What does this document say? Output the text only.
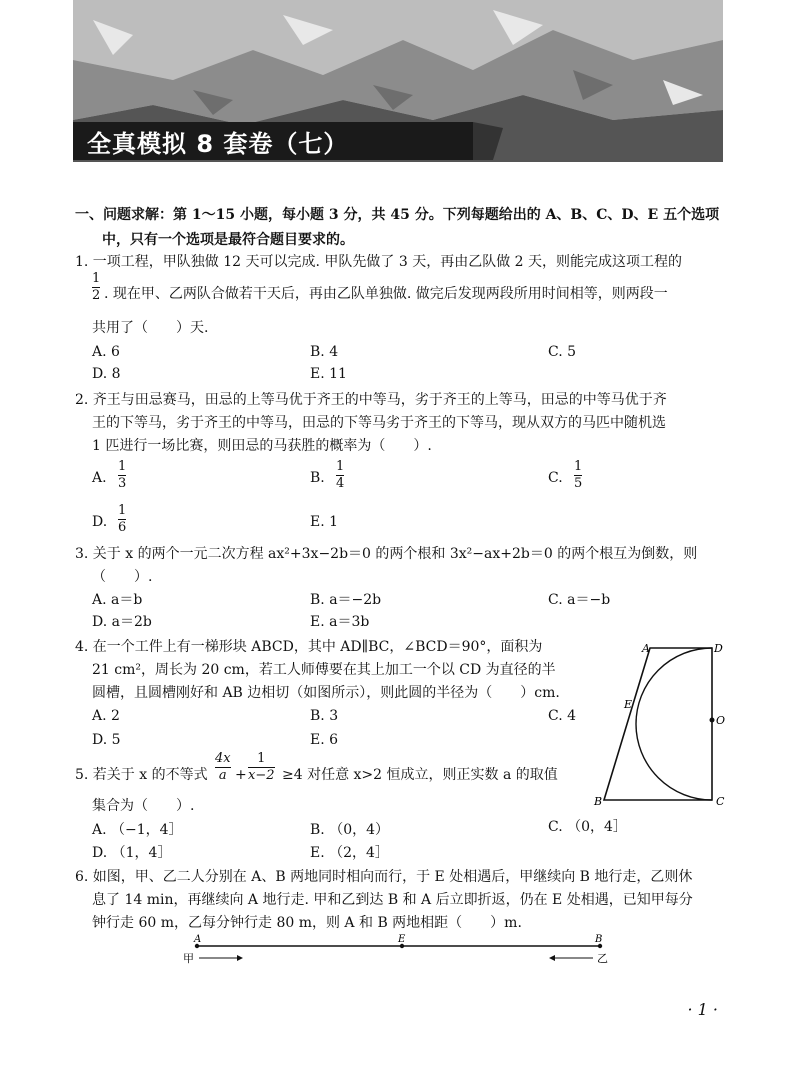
全真模拟 8 套卷（七）
一、问题求解：第 1～15 小题，每小题 3 分，共 45 分。下列每题给出的 A、B、C、D、E 五个选项
中，只有一个选项是最符合题目要求的。
1. 一项工程，甲队独做 12 天可以完成. 甲队先做了 3 天，再由乙队做 2 天，则能完成这项工程的
1
2 . 现在甲、乙两队合做若干天后，再由乙队单独做. 做完后发现两段所用时间相等，则两段一
共用了（　　）天.
A. 6	B. 4	C. 5
D. 8	E. 11
2. 齐王与田忌赛马，田忌的上等马优于齐王的中等马，劣于齐王的上等马，田忌的中等马优于齐
王的下等马，劣于齐王的中等马，田忌的下等马劣于齐王的下等马，现从双方的马匹中随机选
1 匹进行一场比赛，则田忌的马获胜的概率为（　　）.
A.
1
3	B.
1
4	C.
1
5
D.
1
6	E. 1
3. 关于 x 的两个一元二次方程 ax²+3x−2b＝0 的两个根和 3x²−ax+2b＝0 的两个根互为倒数，则
（　　）.
A. a＝b	B. a＝−2b	C. a＝−b
D. a＝2b	E. a＝3b
4. 在一个工件上有一梯形块 ABCD，其中 AD∥BC，∠BCD＝90°，面积为
21 cm²，周长为 20 cm，若工人师傅要在其上加工一个以 CD 为直径的半
圆槽，且圆槽刚好和 AB 边相切（如图所示），则此圆的半径为（　　）cm.
A. 2	B. 3	C. 4
D. 5	E. 6
A	D
E
O
B	C
5. 若关于 x 的不等式
4x
a +
1
x−2 ≥4 对任意 x>2 恒成立，则正实数 a 的取值
集合为（　　）.
A. （−1，4］	B. （0，4）	C. （0，4］
D. （1，4］	E. （2，4］
6. 如图，甲、乙二人分别在 A、B 两地同时相向而行，于 E 处相遇后，甲继续向 B 地行走，乙则休
息了 14 min，再继续向 A 地行走. 甲和乙到达 B 和 A 后立即折返，仍在 E 处相遇，已知甲每分
钟行走 60 m，乙每分钟行走 80 m，则 A 和 B 两地相距（　　）m.
A	E	B
甲	乙
· 1 ·
